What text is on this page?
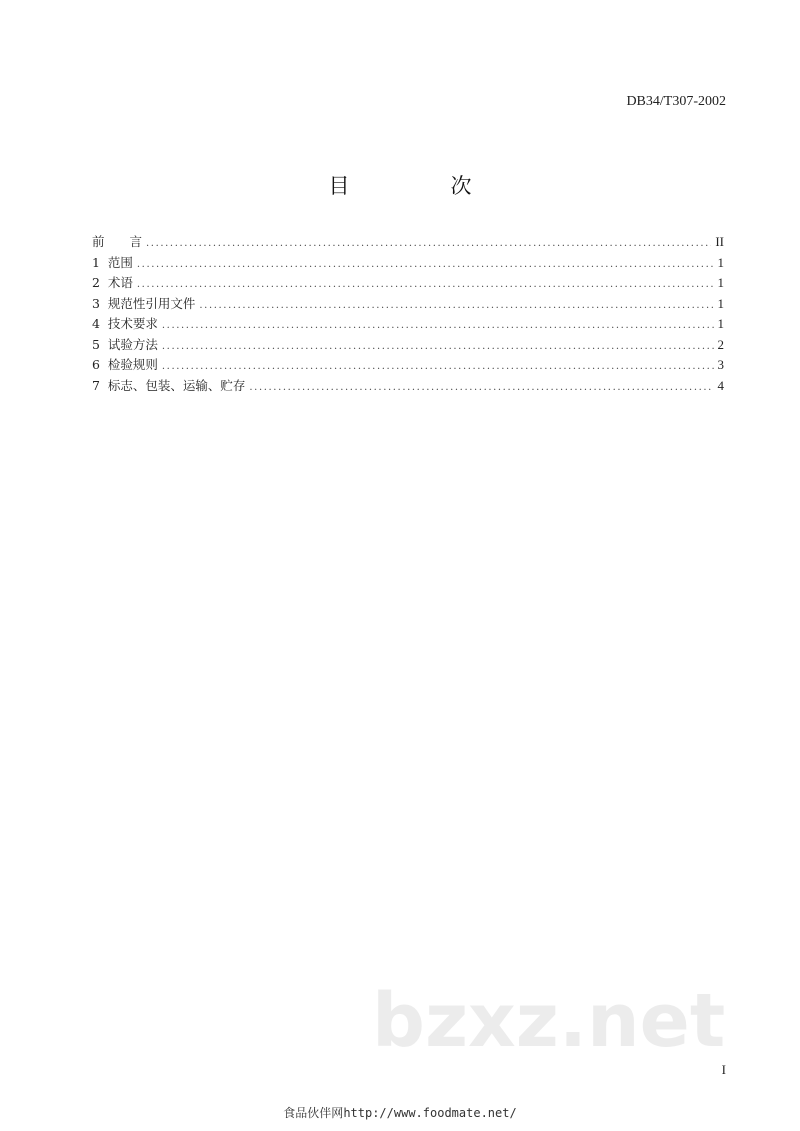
DB34/T307-2002
目　次
前　　言 .....	II
1  范围 .....	1
2  术语 .....	1
3  规范性引用文件 .....	1
4  技术要求 .....	1
5  试验方法 .....	2
6  检验规则 .....	3
7  标志、包装、运输、贮存 .....	4
bzxz.net
I
食品伙伴网http://www.foodmate.net/
